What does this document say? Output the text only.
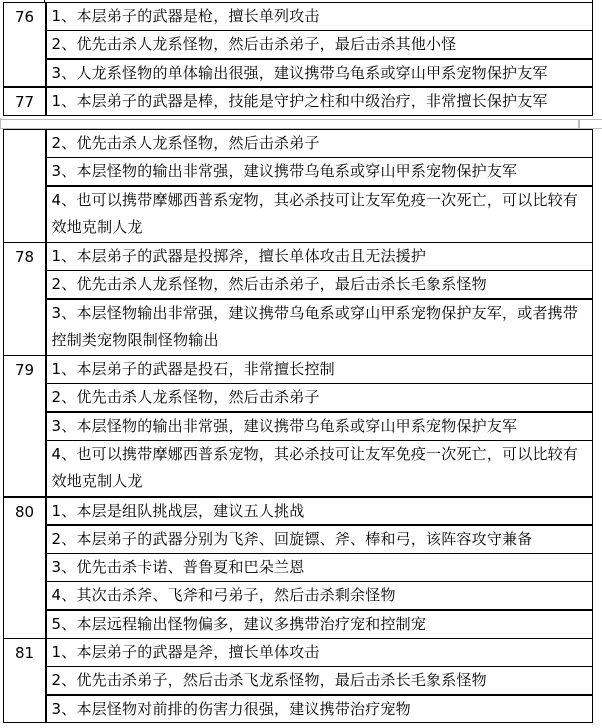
76	1、本层弟子的武器是枪，擅长单列攻击
2、优先击杀人龙系怪物，然后击杀弟子，最后击杀其他小怪
3、人龙系怪物的单体输出很强，建议携带乌龟系或穿山甲系宠物保护友军
77	1、本层弟子的武器是棒，技能是守护之柱和中级治疗，非常擅长保护友军
2、优先击杀人龙系怪物，然后击杀弟子
3、本层怪物的输出非常强，建议携带乌龟系或穿山甲系宠物保护友军
4、也可以携带摩娜西普系宠物，其必杀技可让友军免疫一次死亡，可以比较有效地克制人龙
78	1、本层弟子的武器是投掷斧，擅长单体攻击且无法援护
2、优先击杀人龙系怪物，然后击杀弟子，最后击杀长毛象系怪物
3、本层怪物输出非常强，建议携带乌龟系或穿山甲系宠物保护友军，或者携带控制类宠物限制怪物输出
79	1、本层弟子的武器是投石，非常擅长控制
2、优先击杀人龙系怪物，然后击杀弟子
3、本层怪物的输出非常强，建议携带乌龟系或穿山甲系宠物保护友军
4、也可以携带摩娜西普系宠物，其必杀技可让友军免疫一次死亡，可以比较有效地克制人龙
80	1、本层是组队挑战层，建议五人挑战
2、本层弟子的武器分别为飞斧、回旋镖、斧、棒和弓，该阵容攻守兼备
3、优先击杀卡诺、普鲁夏和巴朵兰恩
4、其次击杀斧、飞斧和弓弟子，然后击杀剩余怪物
5、本层远程输出怪物偏多，建议多携带治疗宠和控制宠
81	1、本层弟子的武器是斧，擅长单体攻击
2、优先击杀弟子，然后击杀飞龙系怪物，最后击杀长毛象系怪物
3、本层怪物对前排的伤害力很强，建议携带治疗宠物
